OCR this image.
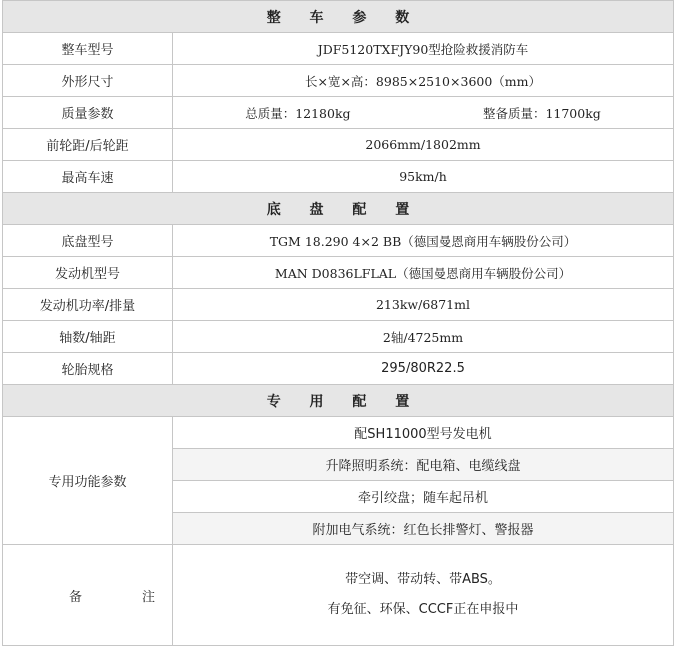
整 车 参 数	
整车型号	JDF5120TXFJY90型抢险救援消防车
外形尺寸	长×宽×高：8985×2510×3600（mm）
质量参数	总质量：12180kg 整备质量：11700kg

前轮距/后轮距	2066mm/1802mm
最高车速	95km/h
底 盘 配 置	
底盘型号	TGM 18.290 4×2 BB（德国曼恩商用车辆股份公司）
发动机型号	MAN D0836LFLAL（德国曼恩商用车辆股份公司）
发动机功率/排量	213kw/6871ml
轴数/轴距	2轴/4725mm
轮胎规格	295/80R22.5
专 用 配 置	
专用功能参数	配SH11000型号发电机
	升降照明系统：配电箱、电缆线盘
	牵引绞盘；随车起吊机
	附加电气系统：红色长排警灯、警报器
备注	带空调、带动转、带ABS。
有免征、环保、CCCF正在申报中
